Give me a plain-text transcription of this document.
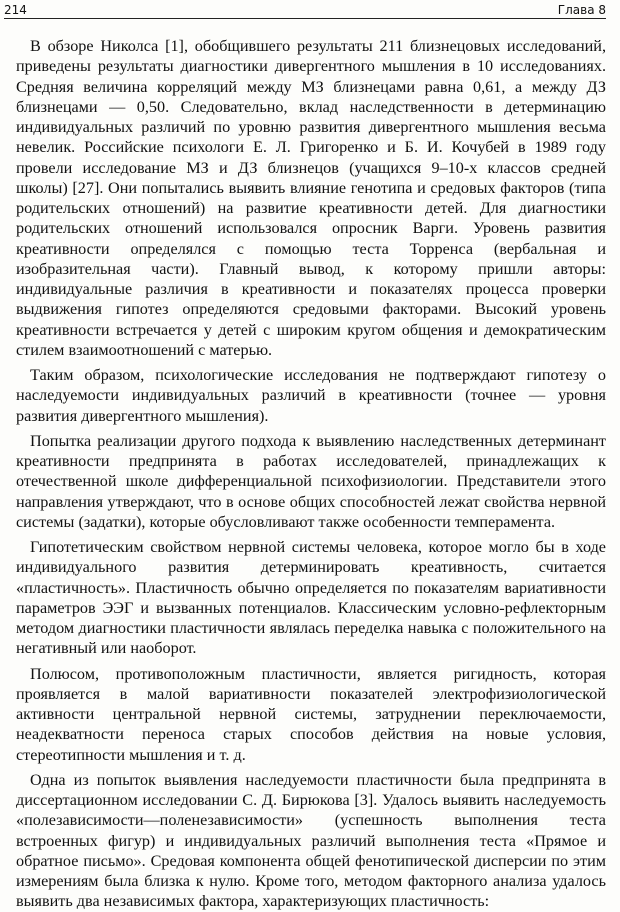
214	Глава 8

В обзоре Николса [1], обобщившего результаты 211 близнецовых исследований, приведены результаты диагностики дивергентного мышления в 10 исследованиях. Средняя величина корреляций между МЗ близнецами равна 0,61, а между ДЗ близнецами — 0,50. Следовательно, вклад наследственности в детерминацию индивидуальных различий по уровню развития дивергентного мышления весьма невелик. Российские психологи Е. Л. Григоренко и Б. И. Кочубей в 1989 году провели исследование МЗ и ДЗ близнецов (учащихся 9–10-х классов средней школы) [27]. Они попытались выявить влияние генотипа и средовых факторов (типа родительских отношений) на развитие креативности детей. Для диагностики родительских отношений использовался опросник Варги. Уровень развития креативности определялся с помощью теста Торренса (вербальная и изобразительная части). Главный вывод, к которому пришли авторы: индивидуальные различия в креативности и показателях процесса проверки выдвижения гипотез определяются средовыми факторами. Высокий уровень креативности встречается у детей с широким кругом общения и демократическим стилем взаимоотношений с матерью.

Таким образом, психологические исследования не подтверждают гипотезу о наследуемости индивидуальных различий в креативности (точнее — уровня развития дивергентного мышления).

Попытка реализации другого подхода к выявлению наследственных детерминант креативности предпринята в работах исследователей, принадлежащих к отечественной школе дифференциальной психофизиологии. Представители этого направления утверждают, что в основе общих способностей лежат свойства нервной системы (задатки), которые обусловливают также особенности темперамента.

Гипотетическим свойством нервной системы человека, которое могло бы в ходе индивидуального развития детерминировать креативность, считается «пластичность». Пластичность обычно определяется по показателям вариативности параметров ЭЭГ и вызванных потенциалов. Классическим условно-рефлекторным методом диагностики пластичности являлась переделка навыка с положительного на негативный или наоборот.

Полюсом, противоположным пластичности, является ригидность, которая проявляется в малой вариативности показателей электрофизиологической активности центральной нервной системы, затруднении переключаемости, неадекватности переноса старых способов действия на новые условия, стереотипности мышления и т. д.

Одна из попыток выявления наследуемости пластичности была предпринята в диссертационном исследовании С. Д. Бирюкова [3]. Удалось выявить наследуемость «полезависимости—поленезависимости» (успешность выполнения теста встроенных фигур) и индивидуальных различий выполнения теста «Прямое и обратное письмо». Средовая компонента общей фенотипической дисперсии по этим измерениям была близка к нулю. Кроме того, методом факторного анализа удалось выявить два независимых фактора, характеризующих пластичность:
